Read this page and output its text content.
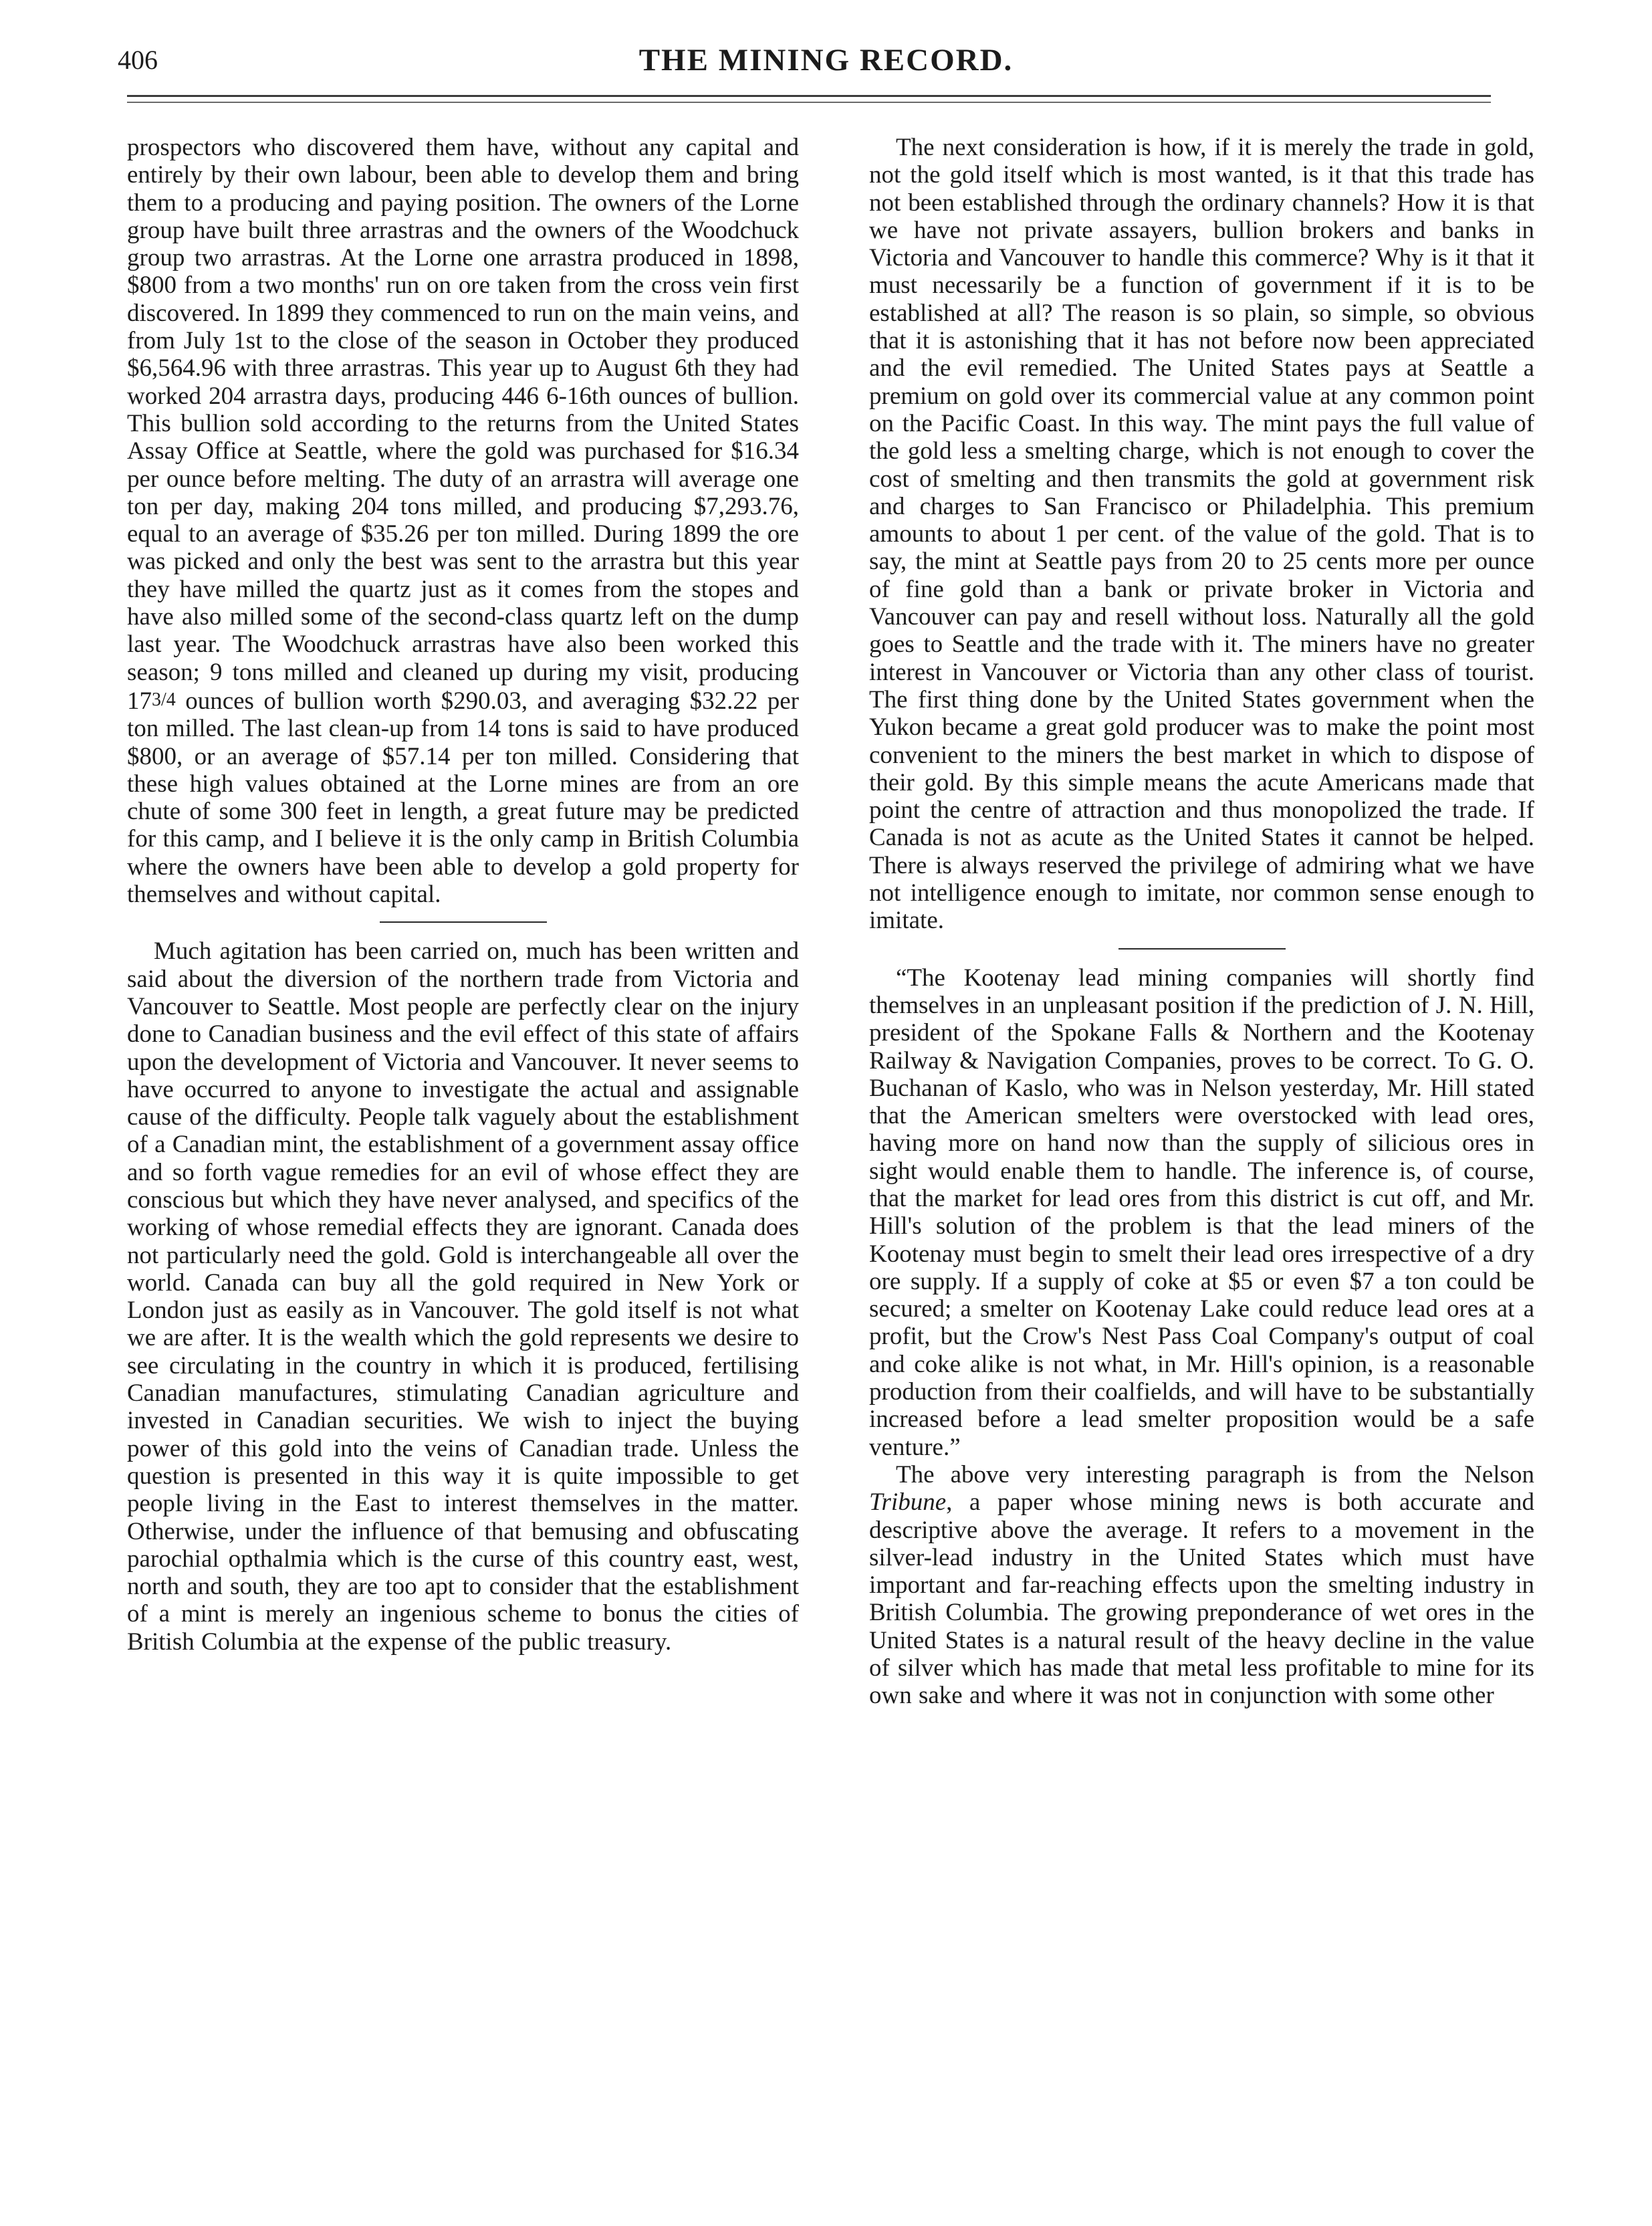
406	THE MINING RECORD.

prospectors who discovered them have, without any capital and entirely by their own labour, been able to develop them and bring them to a producing and paying position. The owners of the Lorne group have built three arrastras and the owners of the Woodchuck group two arrastras. At the Lorne one arrastra produced in 1898, $800 from a two months' run on ore taken from the cross vein first discovered. In 1899 they commenced to run on the main veins, and from July 1st to the close of the season in October they produced $6,564.96 with three arrastras. This year up to August 6th they had worked 204 arrastra days, producing 446 6-16th ounces of bullion. This bullion sold according to the returns from the United States Assay Office at Seattle, where the gold was purchased for $16.34 per ounce before melting. The duty of an arrastra will average one ton per day, making 204 tons milled, and producing $7,293.76, equal to an average of $35.26 per ton milled. During 1899 the ore was picked and only the best was sent to the arrastra but this year they have milled the quartz just as it comes from the stopes and have also milled some of the second-class quartz left on the dump last year. The Woodchuck arrastras have also been worked this season; 9 tons milled and cleaned up during my visit, producing 173/4 ounces of bullion worth $290.03, and averaging $32.22 per ton milled. The last clean-up from 14 tons is said to have produced $800, or an average of $57.14 per ton milled. Considering that these high values obtained at the Lorne mines are from an ore chute of some 300 feet in length, a great future may be predicted for this camp, and I believe it is the only camp in British Columbia where the owners have been able to develop a gold property for themselves and without capital.

Much agitation has been carried on, much has been written and said about the diversion of the northern trade from Victoria and Vancouver to Seattle. Most people are perfectly clear on the injury done to Canadian business and the evil effect of this state of affairs upon the development of Victoria and Vancouver. It never seems to have occurred to anyone to investigate the actual and assignable cause of the difficulty. People talk vaguely about the establishment of a Canadian mint, the establishment of a government assay office and so forth vague remedies for an evil of whose effect they are conscious but which they have never analysed, and specifics of the working of whose remedial effects they are ignorant. Canada does not particularly need the gold. Gold is interchangeable all over the world. Canada can buy all the gold required in New York or London just as easily as in Vancouver. The gold itself is not what we are after. It is the wealth which the gold represents we desire to see circulating in the country in which it is produced, fertilising Canadian manufactures, stimulating Canadian agriculture and invested in Canadian securities. We wish to inject the buying power of this gold into the veins of Canadian trade. Unless the question is presented in this way it is quite impossible to get people living in the East to interest themselves in the matter. Otherwise, under the influence of that bemusing and obfuscating parochial opthalmia which is the curse of this country east, west, north and south, they are too apt to consider that the establishment of a mint is merely an ingenious scheme to bonus the cities of British Columbia at the expense of the public treasury.

The next consideration is how, if it is merely the trade in gold, not the gold itself which is most wanted, is it that this trade has not been established through the ordinary channels? How it is that we have not private assayers, bullion brokers and banks in Victoria and Vancouver to handle this commerce? Why is it that it must necessarily be a function of government if it is to be established at all? The reason is so plain, so simple, so obvious that it is astonishing that it has not before now been appreciated and the evil remedied. The United States pays at Seattle a premium on gold over its commercial value at any common point on the Pacific Coast. In this way. The mint pays the full value of the gold less a smelting charge, which is not enough to cover the cost of smelting and then transmits the gold at government risk and charges to San Francisco or Philadelphia. This premium amounts to about 1 per cent. of the value of the gold. That is to say, the mint at Seattle pays from 20 to 25 cents more per ounce of fine gold than a bank or private broker in Victoria and Vancouver can pay and resell without loss. Naturally all the gold goes to Seattle and the trade with it. The miners have no greater interest in Vancouver or Victoria than any other class of tourist. The first thing done by the United States government when the Yukon became a great gold producer was to make the point most convenient to the miners the best market in which to dispose of their gold. By this simple means the acute Americans made that point the centre of attraction and thus monopolized the trade. If Canada is not as acute as the United States it cannot be helped. There is always reserved the privilege of admiring what we have not intelligence enough to imitate, nor common sense enough to imitate.

“The Kootenay lead mining companies will shortly find themselves in an unpleasant position if the prediction of J. N. Hill, president of the Spokane Falls & Northern and the Kootenay Railway & Navigation Companies, proves to be correct. To G. O. Buchanan of Kaslo, who was in Nelson yesterday, Mr. Hill stated that the American smelters were overstocked with lead ores, having more on hand now than the supply of silicious ores in sight would enable them to handle. The inference is, of course, that the market for lead ores from this district is cut off, and Mr. Hill's solution of the problem is that the lead miners of the Kootenay must begin to smelt their lead ores irrespective of a dry ore supply. If a supply of coke at $5 or even $7 a ton could be secured; a smelter on Kootenay Lake could reduce lead ores at a profit, but the Crow's Nest Pass Coal Company's output of coal and coke alike is not what, in Mr. Hill's opinion, is a reasonable production from their coalfields, and will have to be substantially increased before a lead smelter proposition would be a safe venture.”

The above very interesting paragraph is from the Nelson Tribune, a paper whose mining news is both accurate and descriptive above the average. It refers to a movement in the silver-lead industry in the United States which must have important and far-reaching effects upon the smelting industry in British Columbia. The growing preponderance of wet ores in the United States is a natural result of the heavy decline in the value of silver which has made that metal less profitable to mine for its own sake and where it was not in conjunction with some other
